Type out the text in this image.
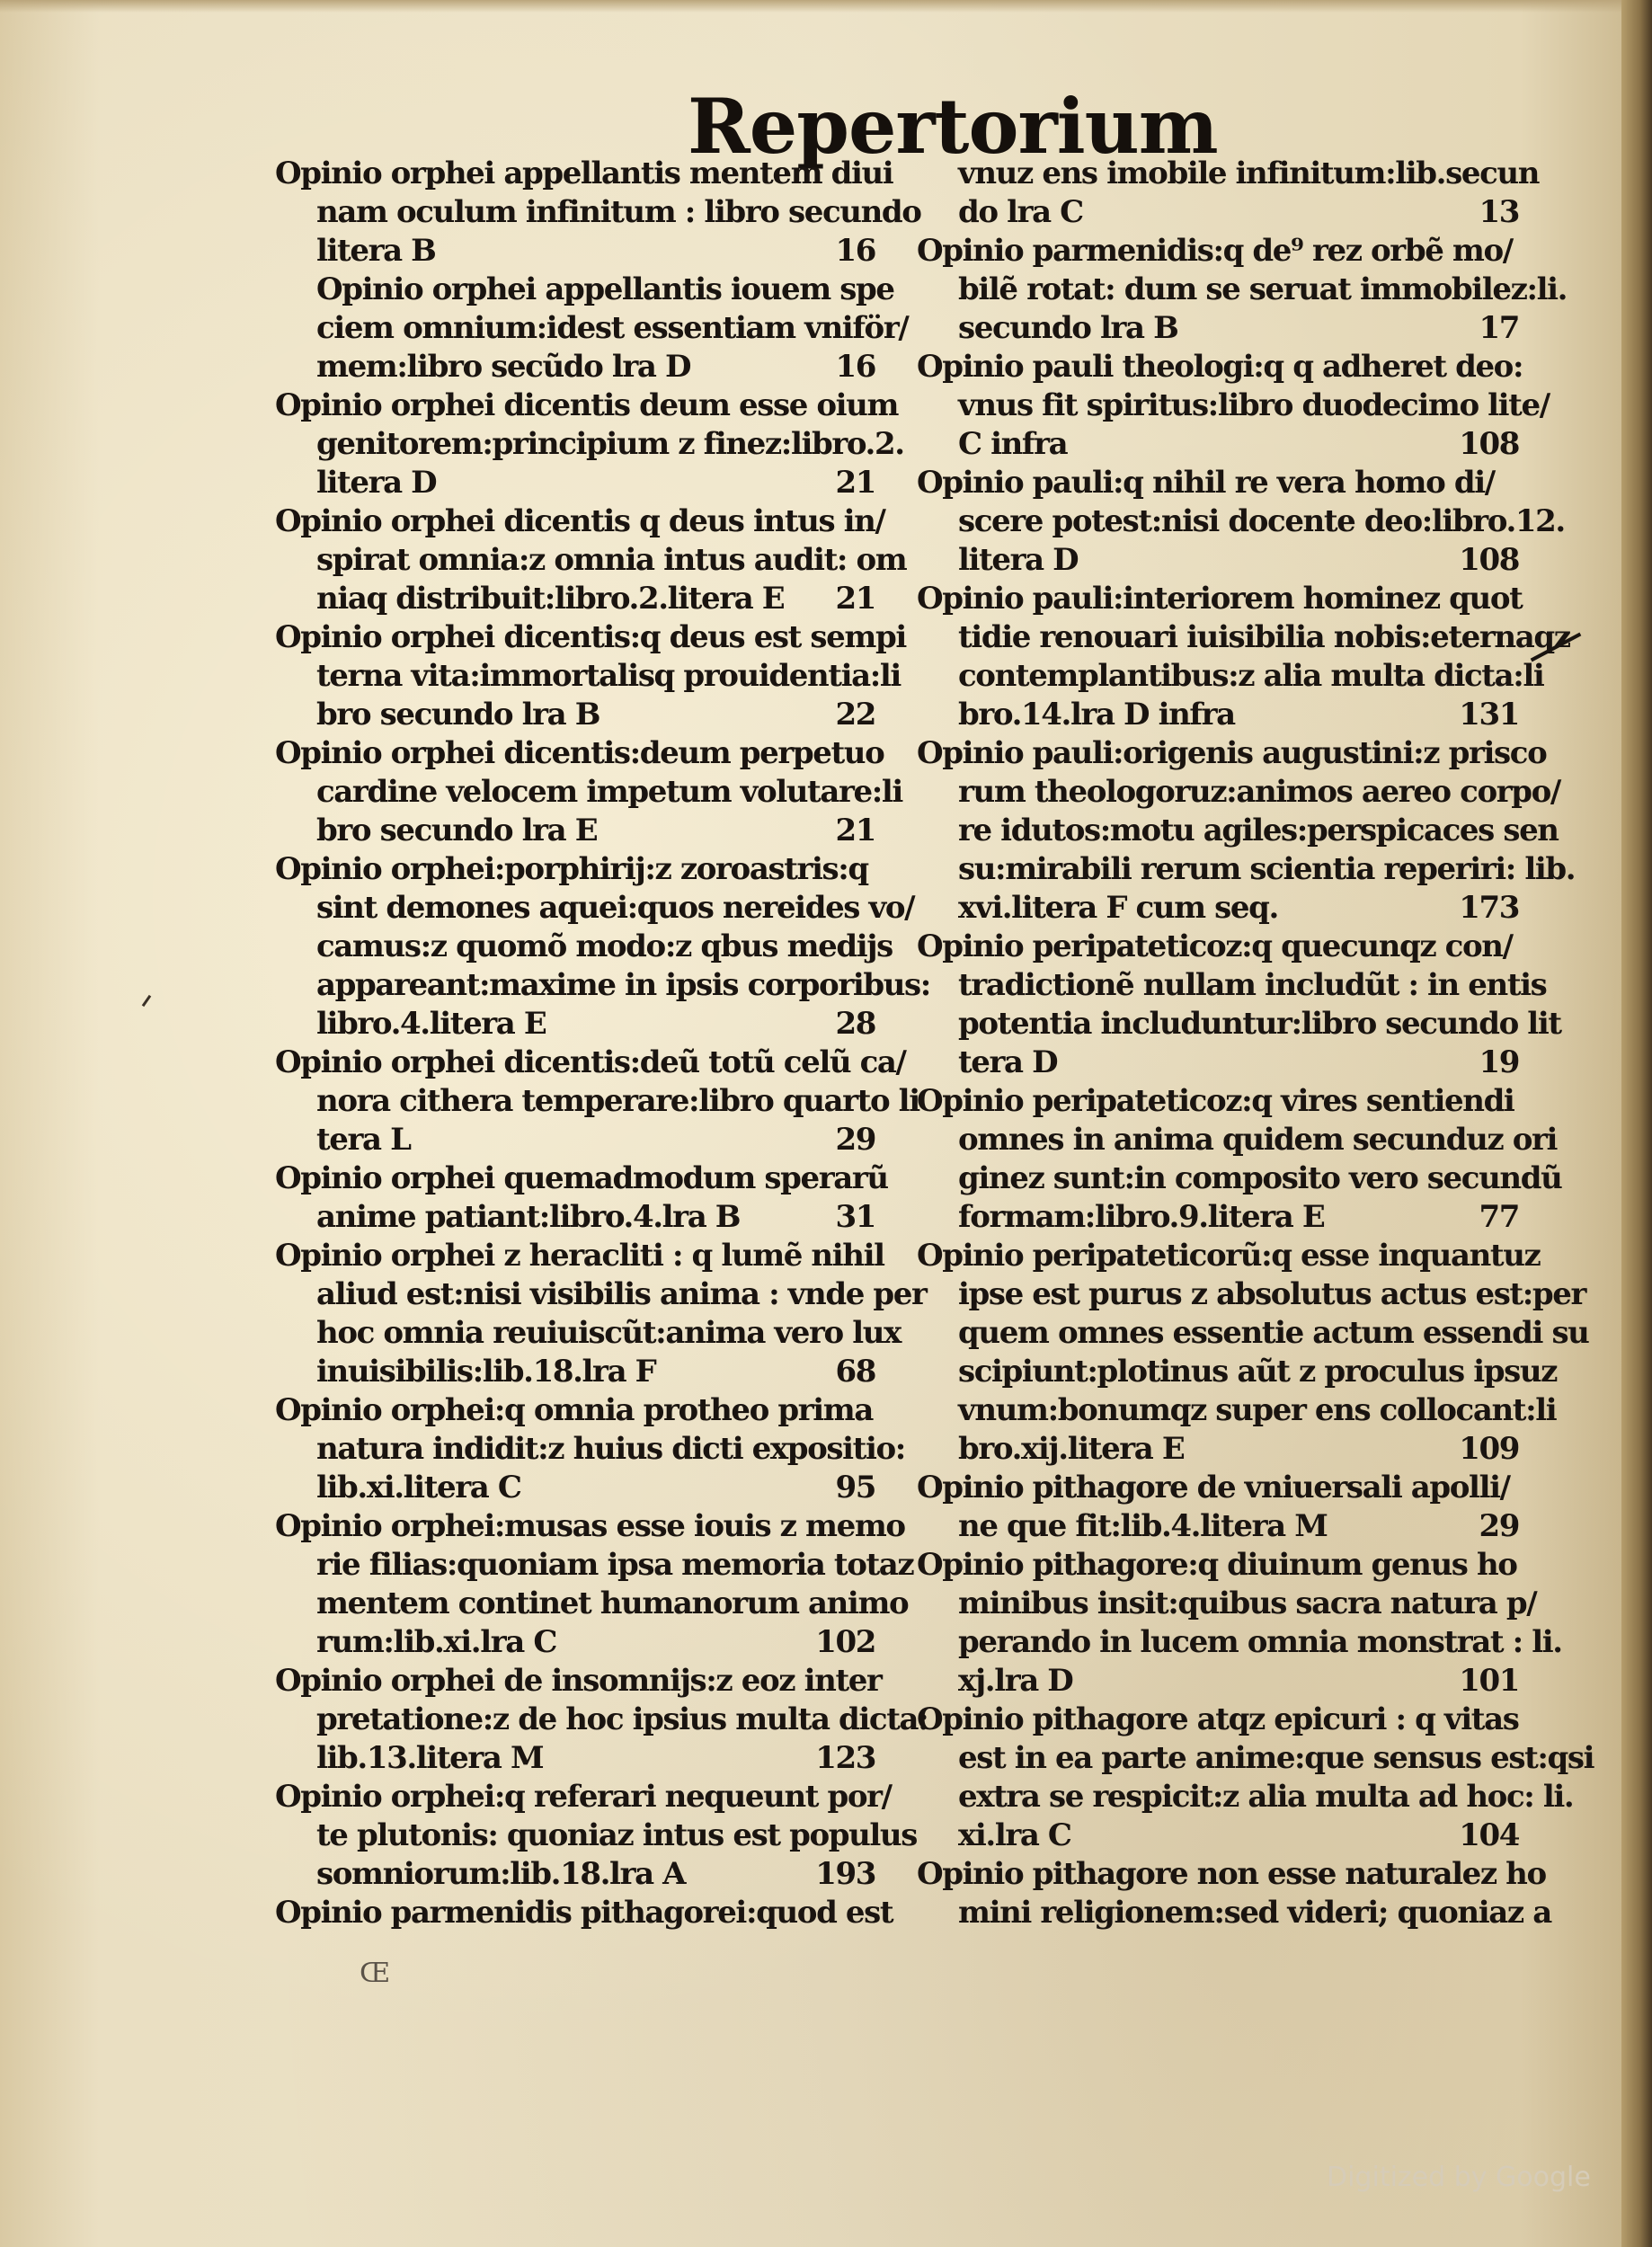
Repertorium
Opinio orphei appellantis mentem diui
nam oculum infinitum : libro secundo
litera B	16
Opinio orphei appellantis iouem spe
ciem omnium:idest essentiam vniför/
mem:libro secũdo lra D	16
Opinio orphei dicentis deum esse oium
genitorem:principium z finez:libro.2.
litera D	21
Opinio orphei dicentis q deus intus in/
spirat omnia:z omnia intus audit: om
niaq distribuit:libro.2.litera E	21
Opinio orphei dicentis:q deus est sempi
terna vita:immortalisq prouidentia:li
bro secundo lra B	22
Opinio orphei dicentis:deum perpetuo
cardine velocem impetum volutare:li
bro secundo lra E	21
Opinio orphei:porphirij:z zoroastris:q
sint demones aquei:quos nereides vo/
camus:z quomõ modo:z qbus medijs
appareant:maxime in ipsis corporibus:
libro.4.litera E	28
Opinio orphei dicentis:deũ totũ celũ ca/
nora cithera temperare:libro quarto li
tera L	29
Opinio orphei quemadmodum sperarũ
anime patiant:libro.4.lra B	31
Opinio orphei z heracliti : q lumẽ nihil
aliud est:nisi visibilis anima : vnde per
hoc omnia reuiuiscũt:anima vero lux
inuisibilis:lib.18.lra F	68
Opinio orphei:q omnia protheo prima
natura indidit:z huius dicti expositio:
lib.xi.litera C	95
Opinio orphei:musas esse iouis z memo
rie filias:quoniam ipsa memoria totaz
mentem continet humanorum animo
rum:lib.xi.lra C	102
Opinio orphei de insomnijs:z eoz inter
pretatione:z de hoc ipsius multa dicta:
lib.13.litera M	123
Opinio orphei:q referari nequeunt por/
te plutonis: quoniaz intus est populus
somniorum:lib.18.lra A	193
Opinio parmenidis pithagorei:quod est
vnuz ens imobile infinitum:lib.secun
do lra C	13
Opinio parmenidis:q de⁹ rez orbẽ mo/
bilẽ rotat: dum se seruat immobilez:li.
secundo lra B	17
Opinio pauli theologi:q q adheret deo:
vnus fit spiritus:libro duodecimo lite/
C infra	108
Opinio pauli:q nihil re vera homo di/
scere potest:nisi docente deo:libro.12.
litera D	108
Opinio pauli:interiorem hominez quot
tidie renouari iuisibilia nobis:eternaqz
contemplantibus:z alia multa dicta:li
bro.14.lra D infra	131
Opinio pauli:origenis augustini:z prisco
rum theologoruz:animos aereo corpo/
re idutos:motu agiles:perspicaces sen
su:mirabili rerum scientia reperiri: lib.
xvi.litera F cum seq.	173
Opinio peripateticoz:q quecunqz con/
tradictionẽ nullam includũt : in entis
potentia includuntur:libro secundo lit
tera D	19
Opinio peripateticoz:q vires sentiendi
omnes in anima quidem secunduz ori
ginez sunt:in composito vero secundũ
formam:libro.9.litera E	77
Opinio peripateticorũ:q esse inquantuz
ipse est purus z absolutus actus est:per
quem omnes essentie actum essendi su
scipiunt:plotinus aũt z proculus ipsuz
vnum:bonumqz super ens collocant:li
bro.xij.litera E	109
Opinio pithagore de vniuersali apolli/
ne que fit:lib.4.litera M	29
Opinio pithagore:q diuinum genus ho
minibus insit:quibus sacra natura p/
perando in lucem omnia monstrat : li.
xj.lra D	101
Opinio pithagore atqz epicuri : q vitas
est in ea parte anime:que sensus est:qsi
extra se respicit:z alia multa ad hoc: li.
xi.lra C	104
Opinio pithagore non esse naturalez ho
mini religionem:sed videri; quoniaz a
Œ
Digitized by Google
